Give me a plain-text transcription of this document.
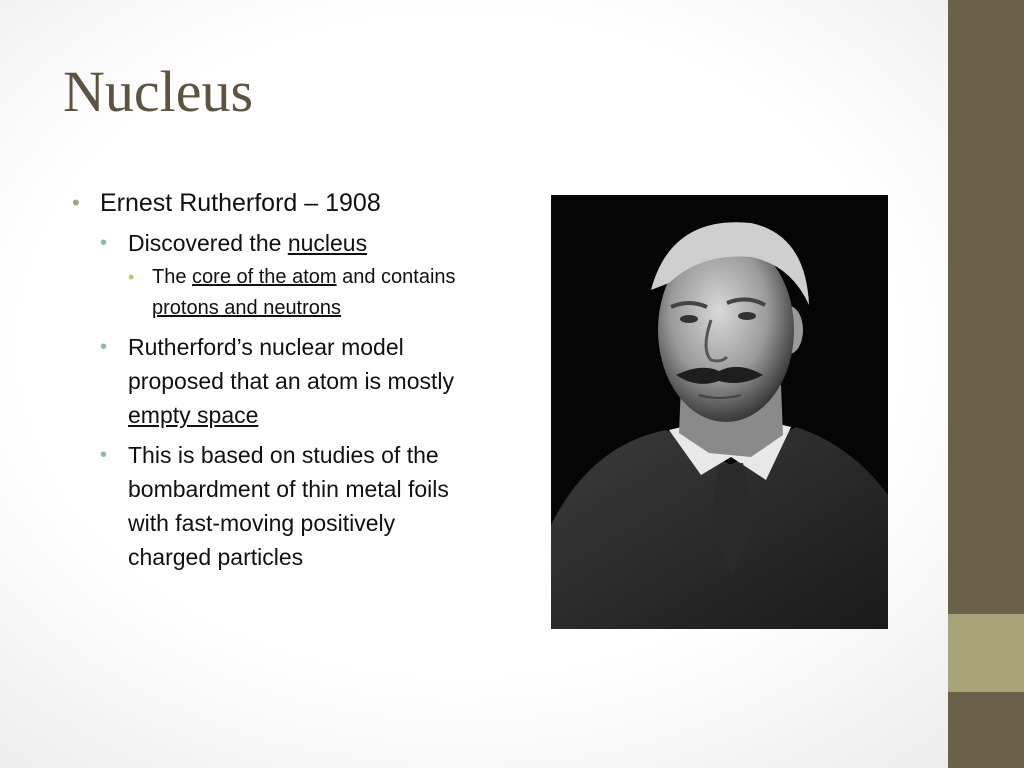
Nucleus
• Ernest Rutherford – 1908
• Discovered the nucleus
• The core of the atom and contains protons and neutrons
• Rutherford’s nuclear model proposed that an atom is mostly empty space
• This is based on studies of the bombardment of thin metal foils with fast-moving positively charged particles
